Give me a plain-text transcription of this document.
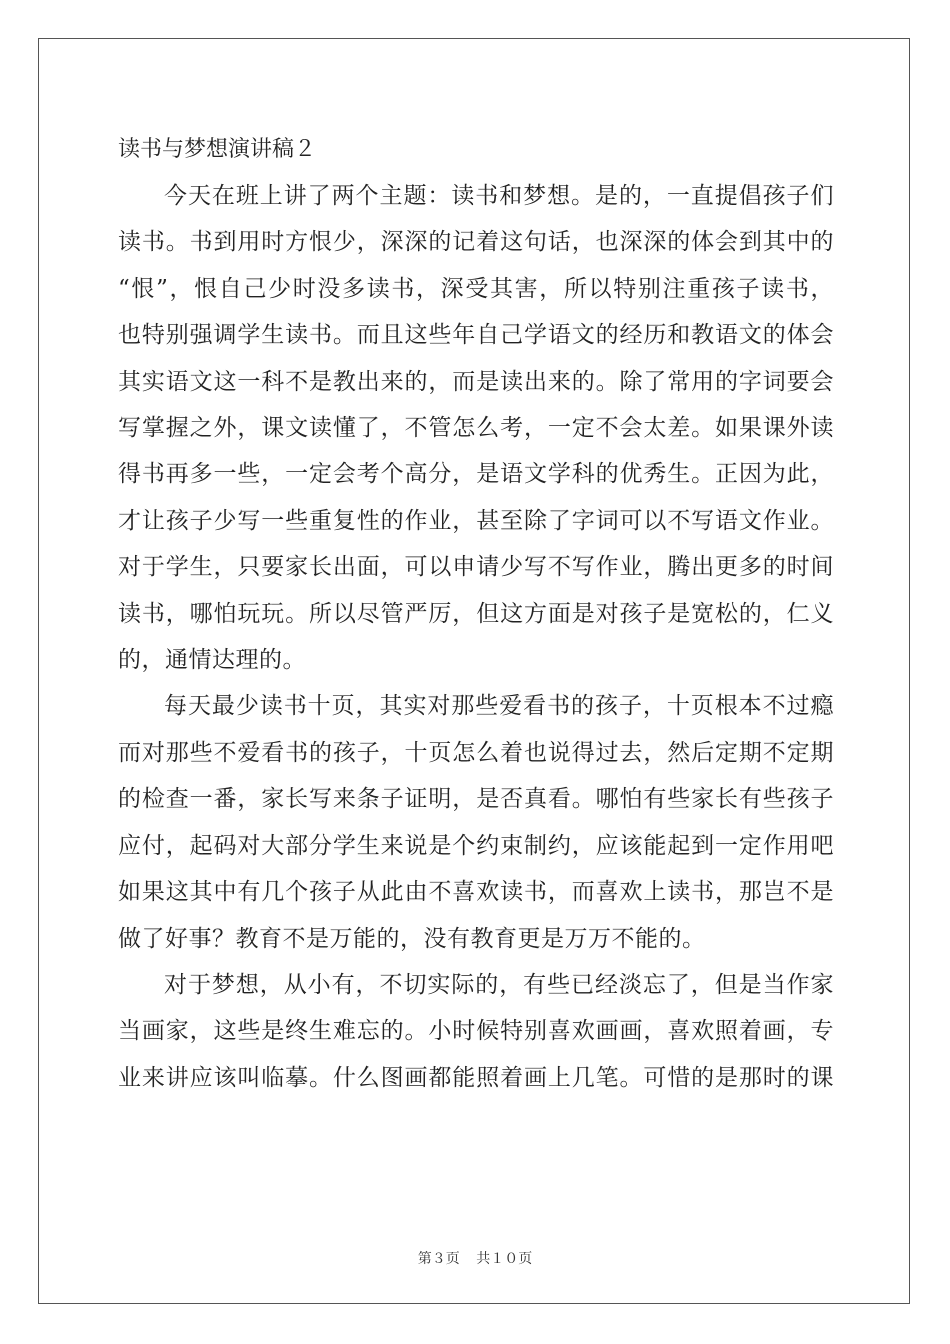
读书与梦想演讲稿２
今天在班上讲了两个主题：读书和梦想。是的，一直提倡孩子们
读书。书到用时方恨少，深深的记着这句话，也深深的体会到其中的
“恨”，恨自己少时没多读书，深受其害，所以特别注重孩子读书，
也特别强调学生读书。而且这些年自己学语文的经历和教语文的体会
其实语文这一科不是教出来的，而是读出来的。除了常用的字词要会
写掌握之外，课文读懂了，不管怎么考，一定不会太差。如果课外读
得书再多一些，一定会考个高分，是语文学科的优秀生。正因为此，
才让孩子少写一些重复性的作业，甚至除了字词可以不写语文作业。
对于学生，只要家长出面，可以申请少写不写作业，腾出更多的时间
读书，哪怕玩玩。所以尽管严厉，但这方面是对孩子是宽松的，仁义
的，通情达理的。
每天最少读书十页，其实对那些爱看书的孩子，十页根本不过瘾
而对那些不爱看书的孩子，十页怎么着也说得过去，然后定期不定期
的检查一番，家长写来条子证明，是否真看。哪怕有些家长有些孩子
应付，起码对大部分学生来说是个约束制约，应该能起到一定作用吧
如果这其中有几个孩子从此由不喜欢读书，而喜欢上读书，那岂不是
做了好事？教育不是万能的，没有教育更是万万不能的。
对于梦想，从小有，不切实际的，有些已经淡忘了，但是当作家
当画家，这些是终生难忘的。小时候特别喜欢画画，喜欢照着画，专
业来讲应该叫临摹。什么图画都能照着画上几笔。可惜的是那时的课
第３页 共１０页
